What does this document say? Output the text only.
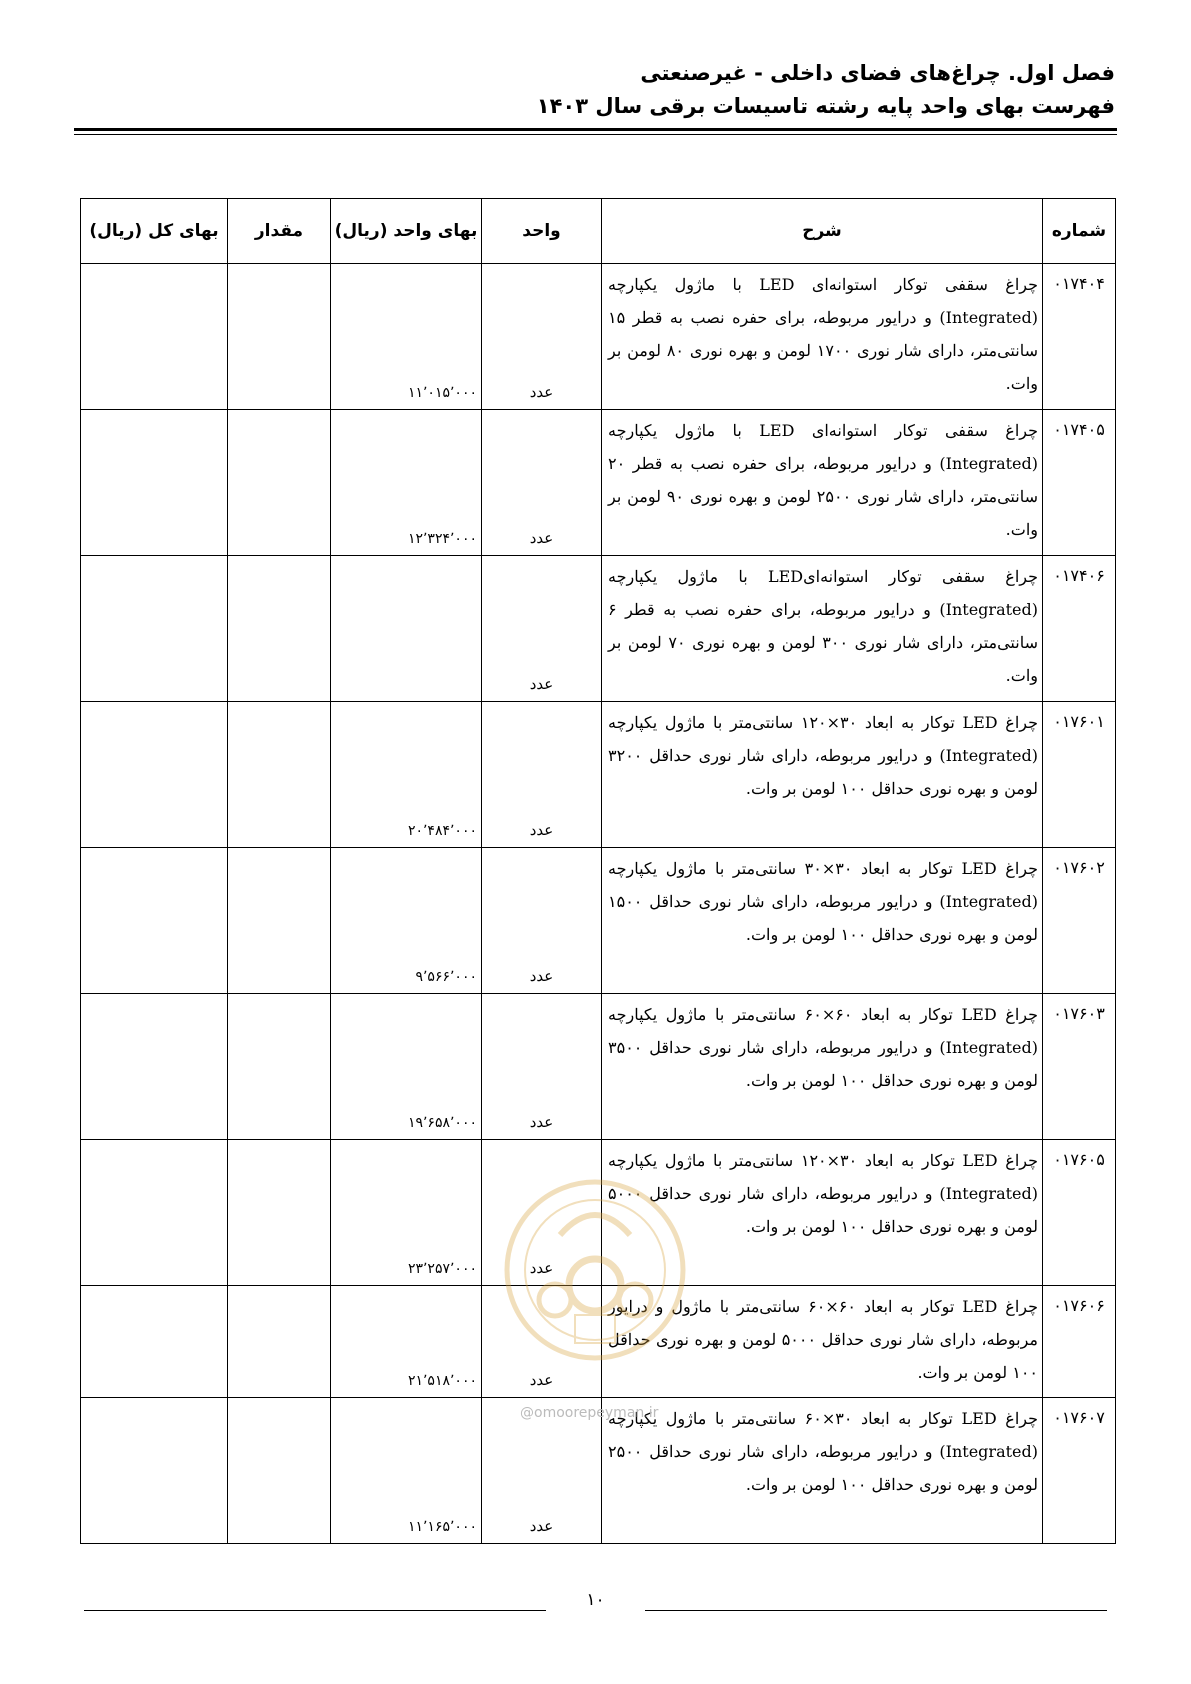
فصل اول. چراغ‌های فضای داخلی - غیرصنعتی
فهرست بهای واحد پایه رشته تاسیسات برقی سال ۱۴۰۳
شماره	شرح	واحد	بهای واحد (ریال)	مقدار	بهای کل (ریال)
۰۱۷۴۰۴	چراغ سقفی توکار استوانه‌ای LED با ماژول یکپارچه (Integrated) و درایور مربوطه، برای حفره نصب به قطر ۱۵ سانتی‌متر، دارای شار نوری ۱۷۰۰ لومن و بهره نوری ۸۰ لومن بر وات.	عدد	۱۱٬۰۱۵٬۰۰۰		
۰۱۷۴۰۵	چراغ سقفی توکار استوانه‌ای LED با ماژول یکپارچه (Integrated) و درایور مربوطه، برای حفره نصب به قطر ۲۰ سانتی‌متر، دارای شار نوری ۲۵۰۰ لومن و بهره نوری ۹۰ لومن بر وات.	عدد	۱۲٬۳۲۴٬۰۰۰		
۰۱۷۴۰۶	چراغ سقفی توکار استوانه‌ایLED با ماژول یکپارچه (Integrated) و درایور مربوطه، برای حفره نصب به قطر ۶ سانتی‌متر، دارای شار نوری ۳۰۰ لومن و بهره نوری ۷۰ لومن بر وات.	عدد			
۰۱۷۶۰۱	چراغ LED توکار به ابعاد ۳۰×۱۲۰ سانتی‌متر با ماژول یکپارچه (Integrated) و درایور مربوطه، دارای شار نوری حداقل ۳۲۰۰ لومن و بهره نوری حداقل ۱۰۰ لومن بر وات.	عدد	۲۰٬۴۸۴٬۰۰۰		
۰۱۷۶۰۲	چراغ LED توکار به ابعاد ۳۰×۳۰ سانتی‌متر با ماژول یکپارچه (Integrated) و درایور مربوطه، دارای شار نوری حداقل ۱۵۰۰ لومن و بهره نوری حداقل ۱۰۰ لومن بر وات.	عدد	۹٬۵۶۶٬۰۰۰		
۰۱۷۶۰۳	چراغ LED توکار به ابعاد ۶۰×۶۰ سانتی‌متر با ماژول یکپارچه (Integrated) و درایور مربوطه، دارای شار نوری حداقل ۳۵۰۰ لومن و بهره نوری حداقل ۱۰۰ لومن بر وات.	عدد	۱۹٬۶۵۸٬۰۰۰		
۰۱۷۶۰۵	چراغ LED توکار به ابعاد ۳۰×۱۲۰ سانتی‌متر با ماژول یکپارچه (Integrated) و درایور مربوطه، دارای شار نوری حداقل ۵۰۰۰ لومن و بهره نوری حداقل ۱۰۰ لومن بر وات.	عدد	۲۳٬۲۵۷٬۰۰۰		
۰۱۷۶۰۶	چراغ LED توکار به ابعاد ۶۰×۶۰ سانتی‌متر با ماژول و درایور مربوطه، دارای شار نوری حداقل ۵۰۰۰ لومن و بهره نوری حداقل ۱۰۰ لومن بر وات.	عدد	۲۱٬۵۱۸٬۰۰۰		
۰۱۷۶۰۷	چراغ LED توکار به ابعاد ۳۰×۶۰ سانتی‌متر با ماژول یکپارچه (Integrated) و درایور مربوطه، دارای شار نوری حداقل ۲۵۰۰ لومن و بهره نوری حداقل ۱۰۰ لومن بر وات.	عدد	۱۱٬۱۶۵٬۰۰۰		
@omoorepeyman.ir
۱۰
